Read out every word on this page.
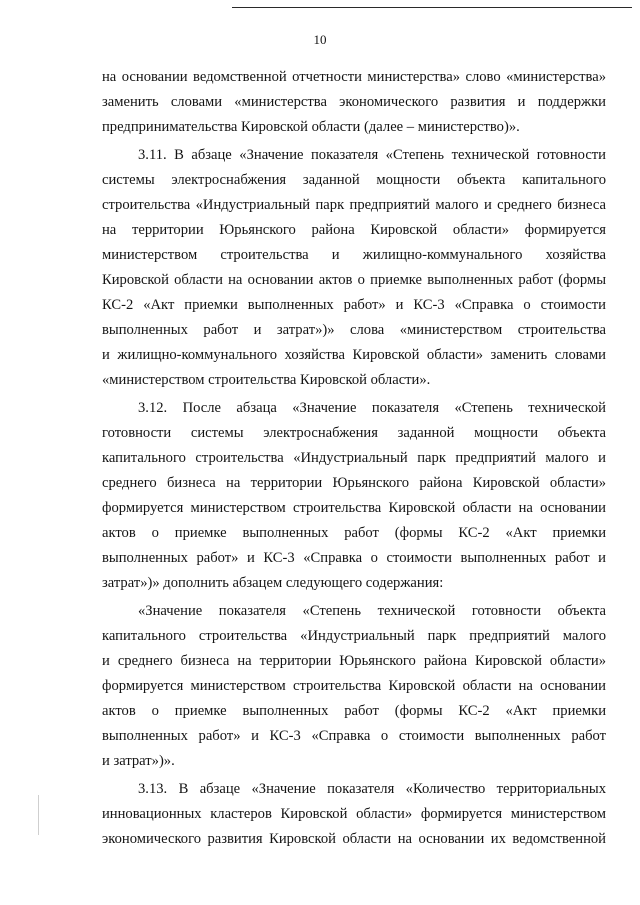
10
на основании ведомственной отчетности министерства» слово «министерства»
заменить словами «министерства экономического развития и поддержки
предпринимательства Кировской области (далее – министерство)».
3.11. В абзаце «Значение показателя «Степень технической готовности
системы электроснабжения заданной мощности объекта капитального
строительства «Индустриальный парк предприятий малого и среднего бизнеса
на территории Юрьянского района Кировской области» формируется
министерством строительства и жилищно-коммунального хозяйства
Кировской области на основании актов о приемке выполненных работ (формы
КС-2 «Акт приемки выполненных работ» и КС-3 «Справка о стоимости
выполненных работ и затрат»)» слова «министерством строительства
и жилищно-коммунального хозяйства Кировской области» заменить словами
«министерством строительства Кировской области».
3.12. После абзаца «Значение показателя «Степень технической
готовности системы электроснабжения заданной мощности объекта
капитального строительства «Индустриальный парк предприятий малого и
среднего бизнеса на территории Юрьянского района Кировской области»
формируется министерством строительства Кировской области на основании
актов о приемке выполненных работ (формы КС-2 «Акт приемки
выполненных работ» и КС-3 «Справка о стоимости выполненных работ и
затрат»)» дополнить абзацем следующего содержания:
«Значение показателя «Степень технической готовности объекта
капитального строительства «Индустриальный парк предприятий малого
и среднего бизнеса на территории Юрьянского района Кировской области»
формируется министерством строительства Кировской области на основании
актов о приемке выполненных работ (формы КС-2 «Акт приемки
выполненных работ» и КС-3 «Справка о стоимости выполненных работ
и затрат»)».
3.13. В абзаце «Значение показателя «Количество территориальных
инновационных кластеров Кировской области» формируется министерством
экономического развития Кировской области на основании их ведомственной
